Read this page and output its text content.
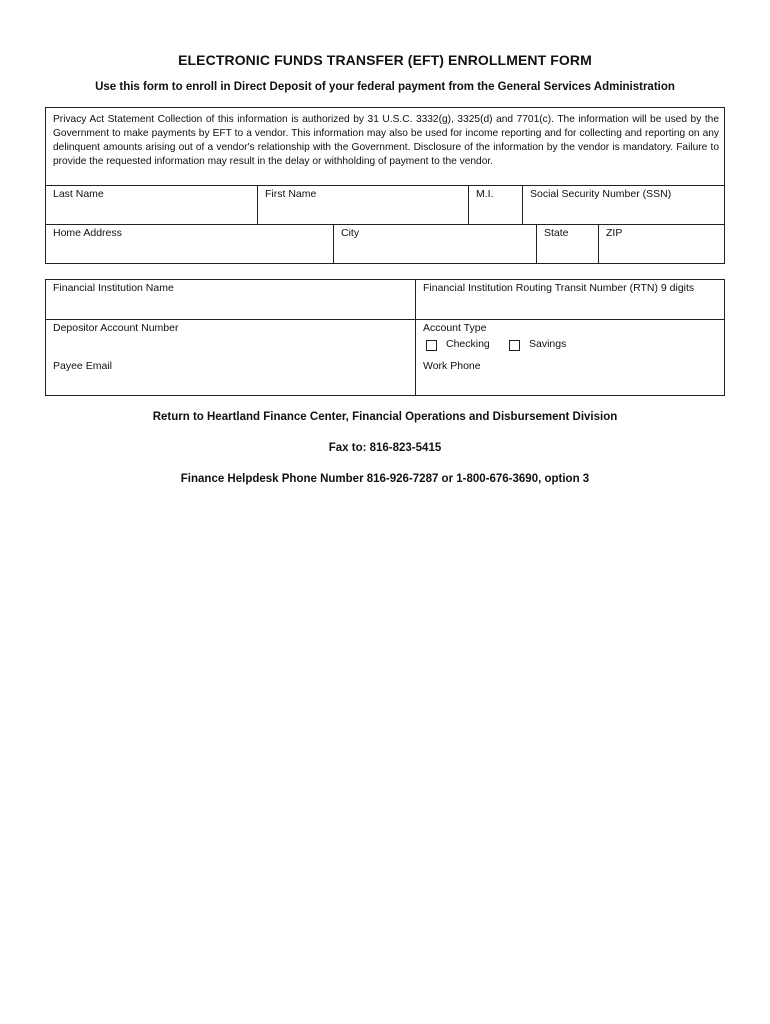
ELECTRONIC FUNDS TRANSFER (EFT) ENROLLMENT FORM
Use this form to enroll in Direct Deposit of your federal payment from the General Services Administration
Privacy Act Statement Collection of this information is authorized by 31 U.S.C. 3332(g), 3325(d) and 7701(c). The information will be used by the Government to make payments by EFT to a vendor. This information may also be used for income reporting and for collecting and reporting on any delinquent amounts arising out of a vendor's relationship with the Government. Disclosure of the information by the vendor is mandatory. Failure to provide the requested information may result in the delay or withholding of payment to the vendor.
Last Name	First Name	M.I.	Social Security Number (SSN)
Home Address	City	State	ZIP
Financial Institution Name	Financial Institution Routing Transit Number (RTN) 9 digits
Depositor Account Number	Account Type
Checking	Savings
Payee Email	Work Phone
Return to Heartland Finance Center, Financial Operations and Disbursement Division
Fax to: 816-823-5415
Finance Helpdesk Phone Number 816-926-7287 or 1-800-676-3690, option 3
